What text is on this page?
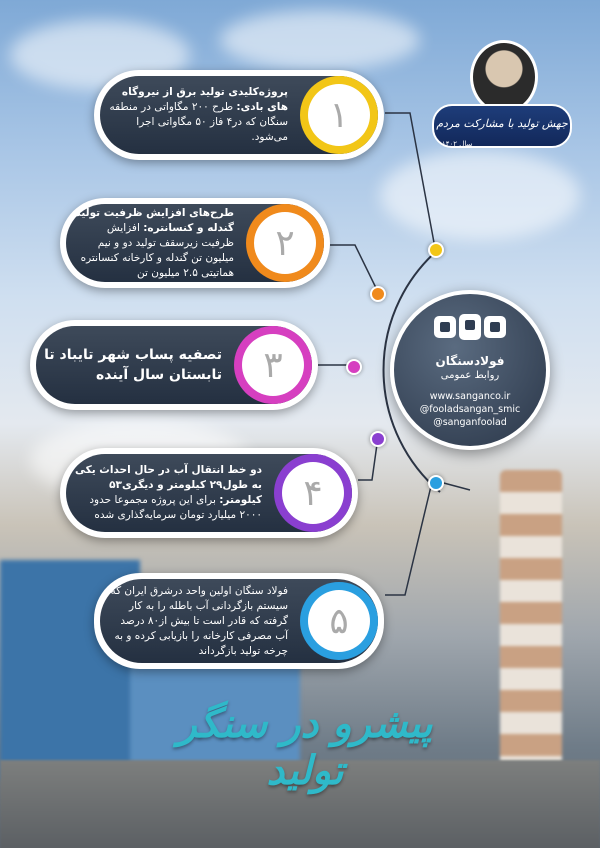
جهش تولید با مشارکت مردم
سال ۱۴۰۲
پروژه‌کلیدی تولید برق از نیروگاه های بادی: طرح ۲۰۰ مگاواتی در منطقه سنگان که در۴ فاز ۵۰ مگاواتی اجرا می‌شود.
۱
طرح‌های افزایش ظرفیت تولید گندله و کنسانتره: افزایش ظرفیت زیرسقف تولید دو و نیم میلیون تن گندله و کارخانه کنسانتره هماتیتی ۲.۵ میلیون تن
۲
تصفیه پساب شهر تایباد تا تابستان سال آینده	۳
دو خط انتقال آب در حال احداث یکی به طول۲۹ کیلومتر و دیگری۵۳ کیلومتر: برای این پروژه مجموعا حدود ۲۰۰۰ میلیارد تومان سرمایه‌گذاری شده
۴
فولاد سنگان اولین واحد درشرق ایران که سیستم بازگردانی آب باطله را به کار گرفته که قادر است تا بیش از۸۰ درصد آب مصرفی کارخانه را بازیابی کرده و به چرخه تولید بازگرداند
۵
فولادسنگان
روابط عمومی
www.sanganco.ir
@fooladsangan_smic
@sanganfoolad
پیشرو در سنگر تولید
